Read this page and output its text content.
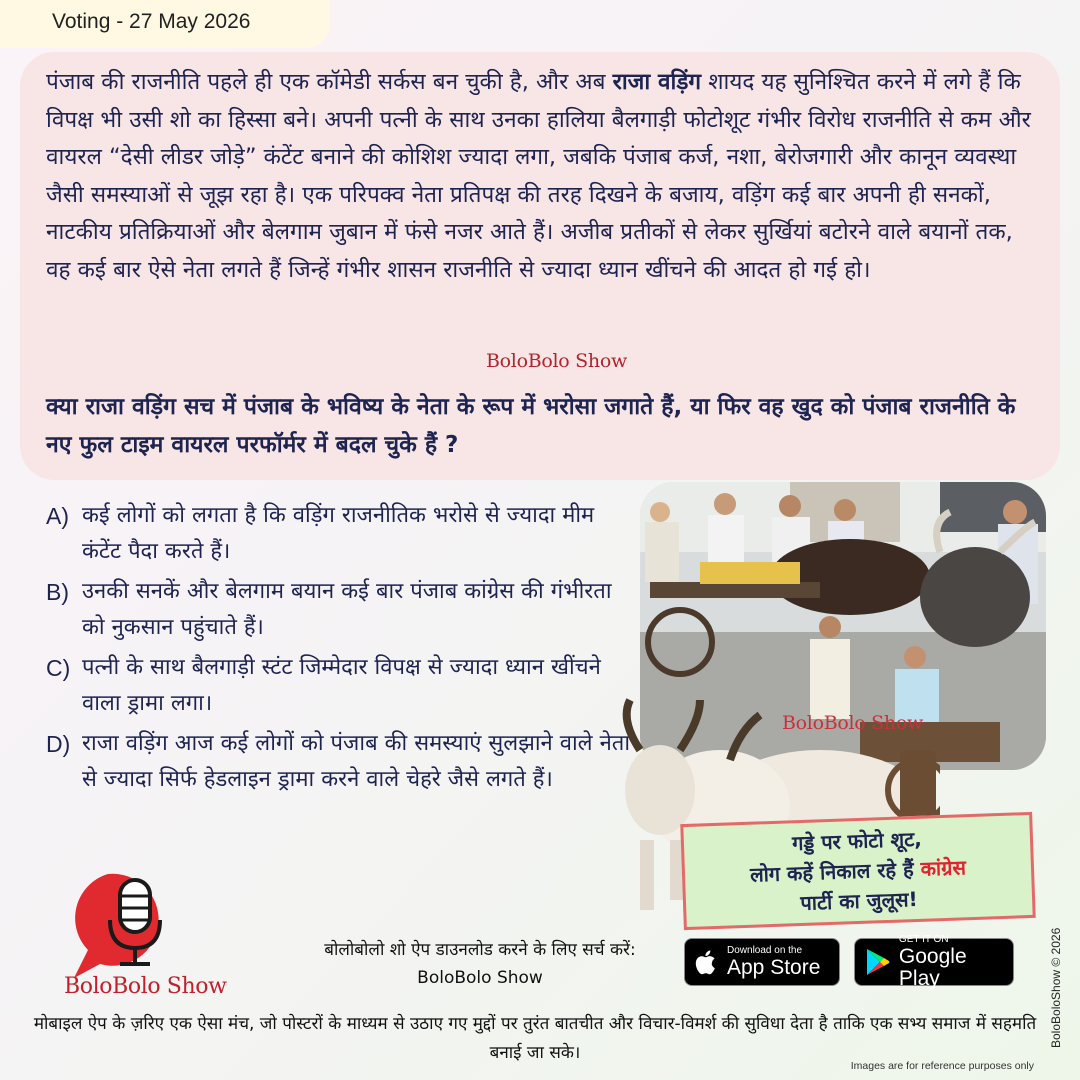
Voting - 27 May 2026
पंजाब की राजनीति पहले ही एक कॉमेडी सर्कस बन चुकी है, और अब राजा वड़िंग शायद यह सुनिश्चित करने में लगे हैं कि विपक्ष भी उसी शो का हिस्सा बने। अपनी पत्नी के साथ उनका हालिया बैलगाड़ी फोटोशूट गंभीर विरोध राजनीति से कम और वायरल “देसी लीडर जोड़े” कंटेंट बनाने की कोशिश ज्यादा लगा, जबकि पंजाब कर्ज, नशा, बेरोजगारी और कानून व्यवस्था जैसी समस्याओं से जूझ रहा है। एक परिपक्व नेता प्रतिपक्ष की तरह दिखने के बजाय, वड़िंग कई बार अपनी ही सनकों, नाटकीय प्रतिक्रियाओं और बेलगाम जुबान में फंसे नजर आते हैं। अजीब प्रतीकों से लेकर सुर्खियां बटोरने वाले बयानों तक, वह कई बार ऐसे नेता लगते हैं जिन्हें गंभीर शासन राजनीति से ज्यादा ध्यान खींचने की आदत हो गई हो।
BoloBolo Show
क्या राजा वड़िंग सच में पंजाब के भविष्य के नेता के रूप में भरोसा जगाते हैं, या फिर वह खुद को पंजाब राजनीति के नए फुल टाइम वायरल परफॉर्मर में बदल चुके हैं ?
A) कई लोगों को लगता है कि वड़िंग राजनीतिक भरोसे से ज्यादा मीम कंटेंट पैदा करते हैं।
B) उनकी सनकें और बेलगाम बयान कई बार पंजाब कांग्रेस की गंभीरता को नुकसान पहुंचाते हैं।
C) पत्नी के साथ बैलगाड़ी स्टंट जिम्मेदार विपक्ष से ज्यादा ध्यान खींचने वाला ड्रामा लगा।
D) राजा वड़िंग आज कई लोगों को पंजाब की समस्याएं सुलझाने वाले नेता से ज्यादा सिर्फ हेडलाइन ड्रामा करने वाले चेहरे जैसे लगते हैं।
BoloBolo Show
गड्डे पर फोटो शूट,
लोग कहें निकाल रहे हैं कांग्रेस
पार्टी का जुलूस!
BoloBolo Show
बोलोबोलो शो ऐप डाउनलोड करने के लिए सर्च करें:
BoloBolo Show
Download on the
App Store
GET IT ON
Google Play
मोबाइल ऐप के ज़रिए एक ऐसा मंच, जो पोस्टरों के माध्यम से उठाए गए मुद्दों पर तुरंत बातचीत और विचार-विमर्श की सुविधा देता है ताकि एक सभ्य समाज में सहमति बनाई जा सके।
Images are for reference purposes only
BoloBoloShow © 2026
